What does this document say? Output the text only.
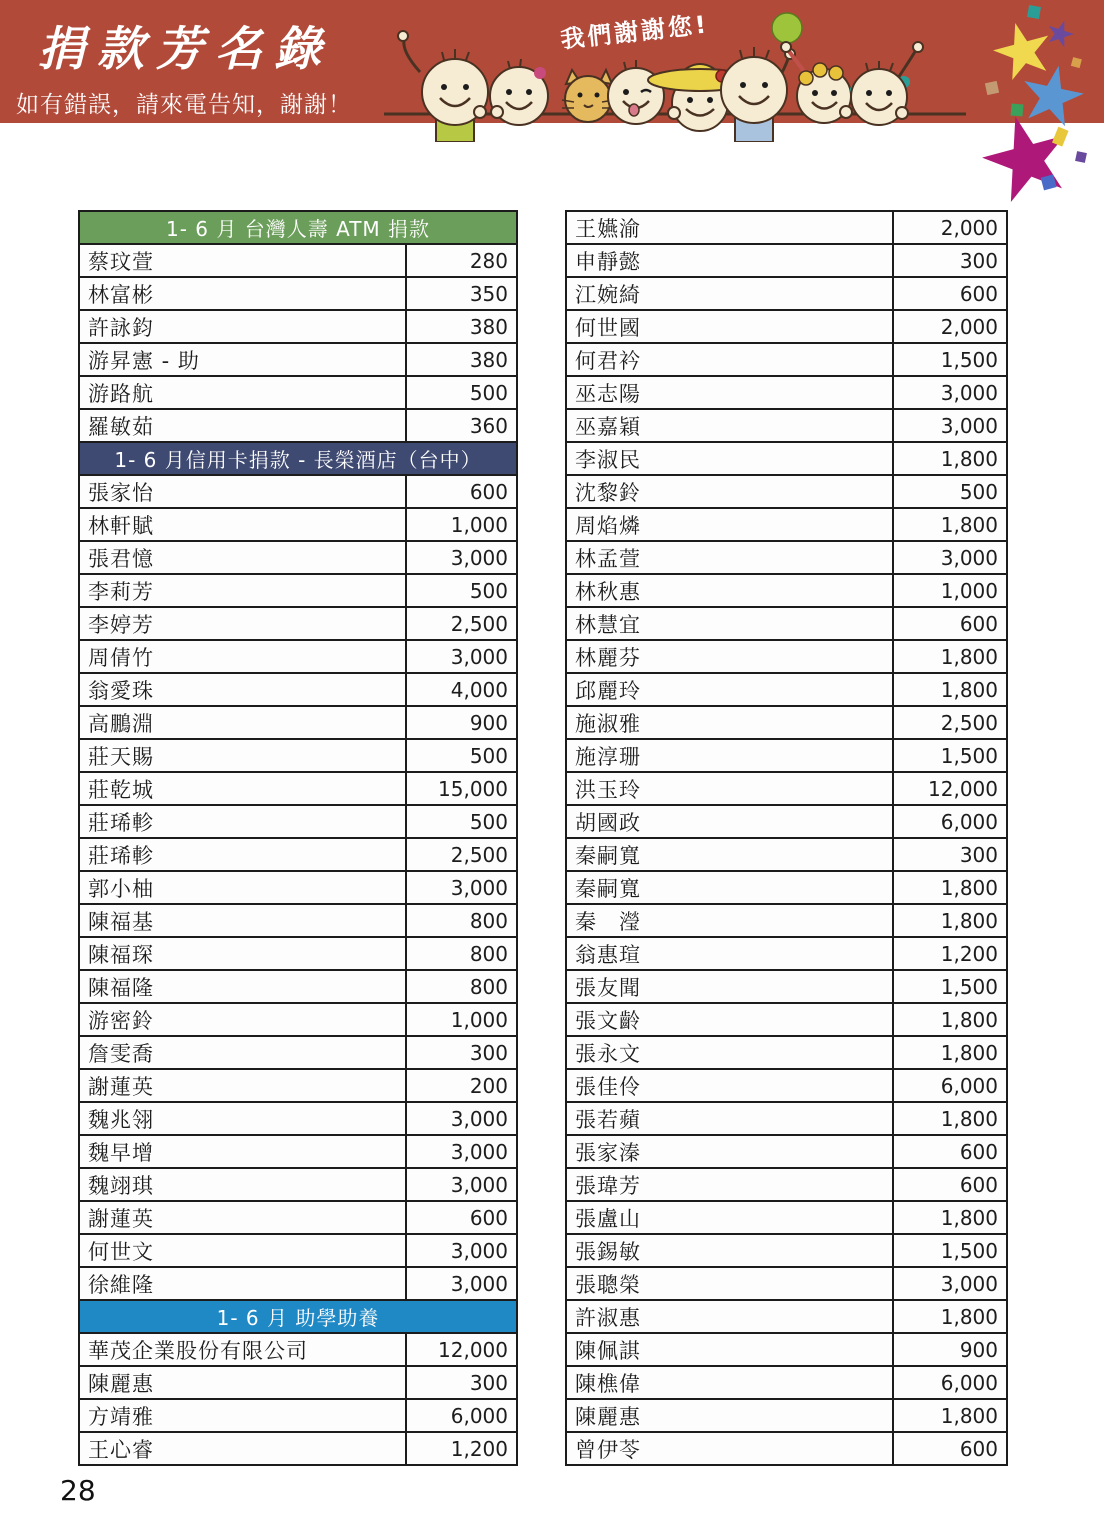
捐款芳名錄
如有錯誤，請來電告知，謝謝！
我們謝謝您!
1- 6 月 台灣人壽 ATM 捐款
蔡玟萱	280
林富彬	350
許詠鈞	380
游昇憲 - 助	380
游路航	500
羅敏茹	360
1- 6 月信用卡捐款 - 長榮酒店（台中）
張家怡	600
林軒賦	1,000
張君憶	3,000
李莉芳	500
李婷芳	2,500
周倩竹	3,000
翁愛珠	4,000
高鵬淵	900
莊天賜	500
莊乾城	15,000
莊琋軫	500
莊琋軫	2,500
郭小柚	3,000
陳福基	800
陳福琛	800
陳福隆	800
游密鈴	1,000
詹雯喬	300
謝蓮英	200
魏兆翎	3,000
魏早增	3,000
魏翊琪	3,000
謝蓮英	600
何世文	3,000
徐維隆	3,000
1- 6 月 助學助養
華茂企業股份有限公司	12,000
陳麗惠	300
方靖雅	6,000
王心睿	1,200
王嬿渝	2,000
申靜懿	300
江婉綺	600
何世國	2,000
何君衿	1,500
巫志陽	3,000
巫嘉穎	3,000
李淑民	1,800
沈黎鈴	500
周焰燐	1,800
林孟萱	3,000
林秋惠	1,000
林慧宜	600
林麗芬	1,800
邱麗玲	1,800
施淑雅	2,500
施淳珊	1,500
洪玉玲	12,000
胡國政	6,000
秦嗣寬	300
秦嗣寬	1,800
秦　瀅	1,800
翁惠瑄	1,200
張友聞	1,500
張文齡	1,800
張永文	1,800
張佳伶	6,000
張若蘋	1,800
張家溱	600
張瑋芳	600
張盧山	1,800
張錫敏	1,500
張聰榮	3,000
許淑惠	1,800
陳佩諆	900
陳樵偉	6,000
陳麗惠	1,800
曾伊苓	600
28
